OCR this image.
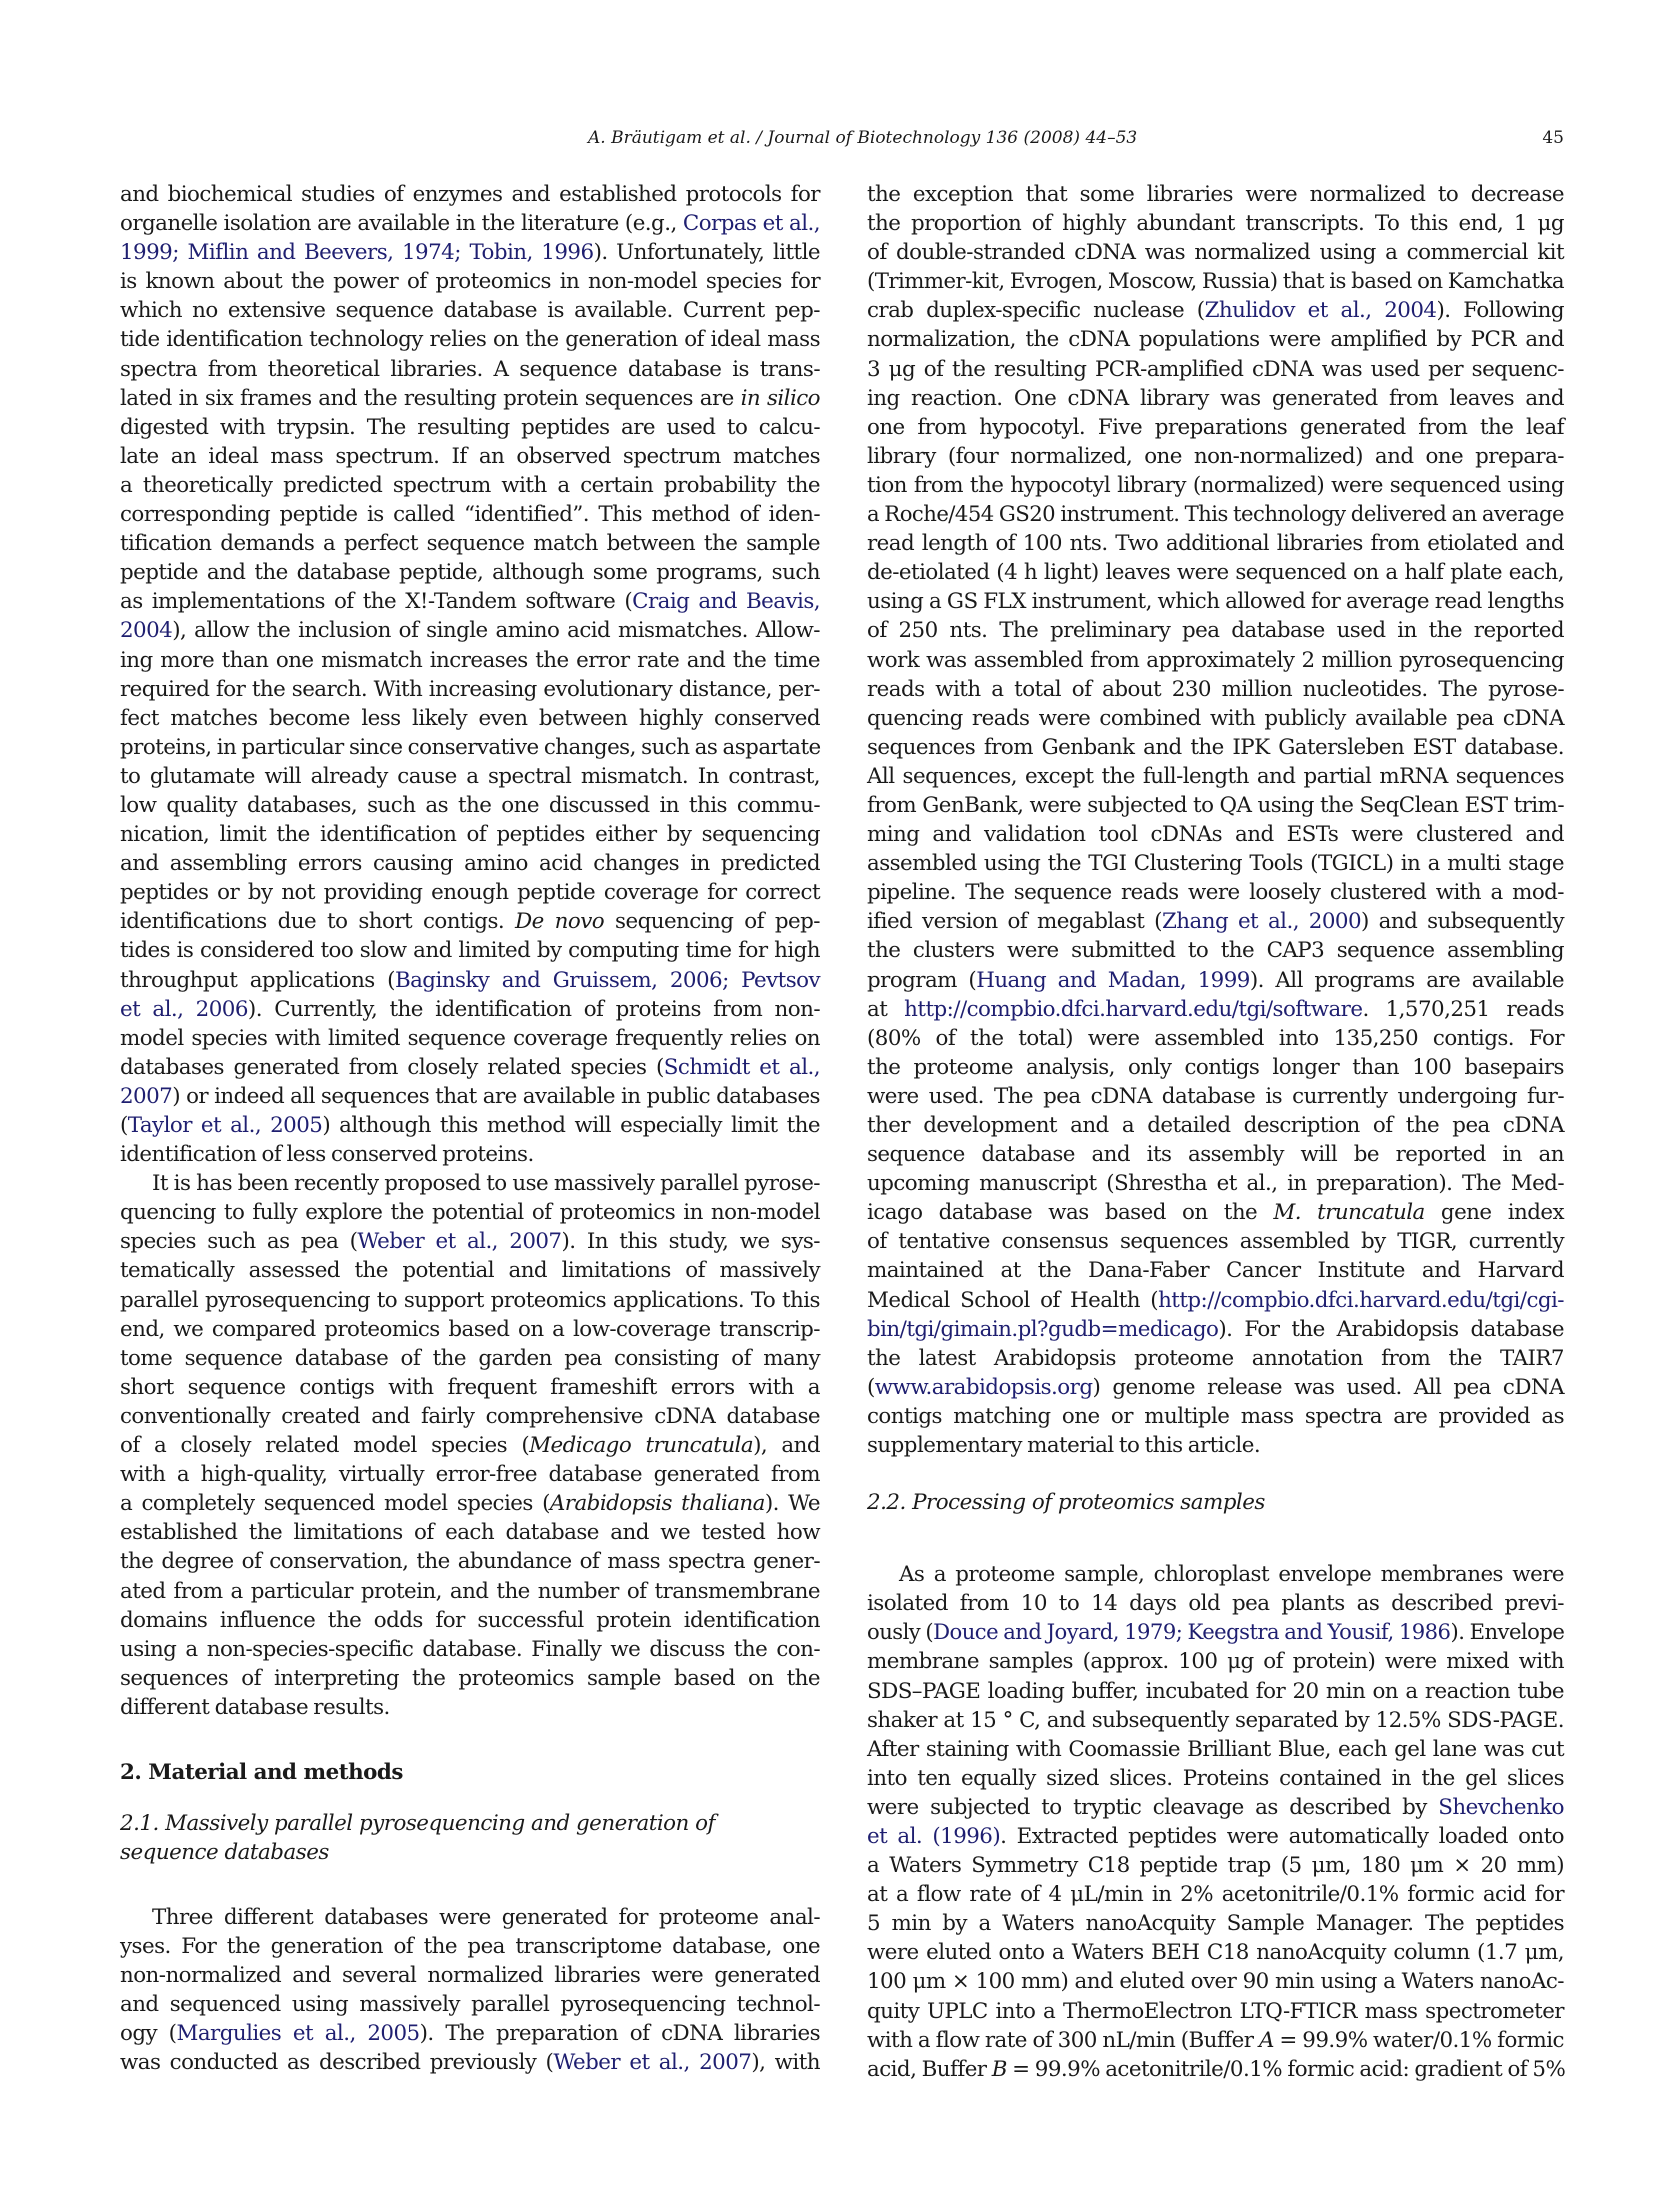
A. Bräutigam et al. / Journal of Biotechnology 136 (2008) 44–53	45
and biochemical studies of enzymes and established protocols for
organelle isolation are available in the literature (e.g., Corpas et al.,
1999; Miflin and Beevers, 1974; Tobin, 1996). Unfortunately, little
is known about the power of proteomics in non-model species for
which no extensive sequence database is available. Current pep-
tide identification technology relies on the generation of ideal mass
spectra from theoretical libraries. A sequence database is trans-
lated in six frames and the resulting protein sequences are in silico
digested with trypsin. The resulting peptides are used to calcu-
late an ideal mass spectrum. If an observed spectrum matches
a theoretically predicted spectrum with a certain probability the
corresponding peptide is called “identified”. This method of iden-
tification demands a perfect sequence match between the sample
peptide and the database peptide, although some programs, such
as implementations of the X!-Tandem software (Craig and Beavis,
2004), allow the inclusion of single amino acid mismatches. Allow-
ing more than one mismatch increases the error rate and the time
required for the search. With increasing evolutionary distance, per-
fect matches become less likely even between highly conserved
proteins, in particular since conservative changes, such as aspartate
to glutamate will already cause a spectral mismatch. In contrast,
low quality databases, such as the one discussed in this commu-
nication, limit the identification of peptides either by sequencing
and assembling errors causing amino acid changes in predicted
peptides or by not providing enough peptide coverage for correct
identifications due to short contigs. De novo sequencing of pep-
tides is considered too slow and limited by computing time for high
throughput applications (Baginsky and Gruissem, 2006; Pevtsov
et al., 2006). Currently, the identification of proteins from non-
model species with limited sequence coverage frequently relies on
databases generated from closely related species (Schmidt et al.,
2007) or indeed all sequences that are available in public databases
(Taylor et al., 2005) although this method will especially limit the
identification of less conserved proteins.
It is has been recently proposed to use massively parallel pyrose-
quencing to fully explore the potential of proteomics in non-model
species such as pea (Weber et al., 2007). In this study, we sys-
tematically assessed the potential and limitations of massively
parallel pyrosequencing to support proteomics applications. To this
end, we compared proteomics based on a low-coverage transcrip-
tome sequence database of the garden pea consisting of many
short sequence contigs with frequent frameshift errors with a
conventionally created and fairly comprehensive cDNA database
of a closely related model species (Medicago truncatula), and
with a high-quality, virtually error-free database generated from
a completely sequenced model species (Arabidopsis thaliana). We
established the limitations of each database and we tested how
the degree of conservation, the abundance of mass spectra gener-
ated from a particular protein, and the number of transmembrane
domains influence the odds for successful protein identification
using a non-species-specific database. Finally we discuss the con-
sequences of interpreting the proteomics sample based on the
different database results.
2. Material and methods
2.1. Massively parallel pyrosequencing and generation of
sequence databases
Three different databases were generated for proteome anal-
yses. For the generation of the pea transcriptome database, one
non-normalized and several normalized libraries were generated
and sequenced using massively parallel pyrosequencing technol-
ogy (Margulies et al., 2005). The preparation of cDNA libraries
was conducted as described previously (Weber et al., 2007), with
the exception that some libraries were normalized to decrease
the proportion of highly abundant transcripts. To this end, 1 μg
of double-stranded cDNA was normalized using a commercial kit
(Trimmer-kit, Evrogen, Moscow, Russia) that is based on Kamchatka
crab duplex-specific nuclease (Zhulidov et al., 2004). Following
normalization, the cDNA populations were amplified by PCR and
3 μg of the resulting PCR-amplified cDNA was used per sequenc-
ing reaction. One cDNA library was generated from leaves and
one from hypocotyl. Five preparations generated from the leaf
library (four normalized, one non-normalized) and one prepara-
tion from the hypocotyl library (normalized) were sequenced using
a Roche/454 GS20 instrument. This technology delivered an average
read length of 100 nts. Two additional libraries from etiolated and
de-etiolated (4 h light) leaves were sequenced on a half plate each,
using a GS FLX instrument, which allowed for average read lengths
of 250 nts. The preliminary pea database used in the reported
work was assembled from approximately 2 million pyrosequencing
reads with a total of about 230 million nucleotides. The pyrose-
quencing reads were combined with publicly available pea cDNA
sequences from Genbank and the IPK Gatersleben EST database.
All sequences, except the full-length and partial mRNA sequences
from GenBank, were subjected to QA using the SeqClean EST trim-
ming and validation tool cDNAs and ESTs were clustered and
assembled using the TGI Clustering Tools (TGICL) in a multi stage
pipeline. The sequence reads were loosely clustered with a mod-
ified version of megablast (Zhang et al., 2000) and subsequently
the clusters were submitted to the CAP3 sequence assembling
program (Huang and Madan, 1999). All programs are available
at http://compbio.dfci.harvard.edu/tgi/software. 1,570,251 reads
(80% of the total) were assembled into 135,250 contigs. For
the proteome analysis, only contigs longer than 100 basepairs
were used. The pea cDNA database is currently undergoing fur-
ther development and a detailed description of the pea cDNA
sequence database and its assembly will be reported in an
upcoming manuscript (Shrestha et al., in preparation). The Med-
icago database was based on the M. truncatula gene index
of tentative consensus sequences assembled by TIGR, currently
maintained at the Dana-Faber Cancer Institute and Harvard
Medical School of Health (http://compbio.dfci.harvard.edu/tgi/cgi-
bin/tgi/gimain.pl?gudb=medicago). For the Arabidopsis database
the latest Arabidopsis proteome annotation from the TAIR7
(www.arabidopsis.org) genome release was used. All pea cDNA
contigs matching one or multiple mass spectra are provided as
supplementary material to this article.
2.2. Processing of proteomics samples
As a proteome sample, chloroplast envelope membranes were
isolated from 10 to 14 days old pea plants as described previ-
ously (Douce and Joyard, 1979; Keegstra and Yousif, 1986). Envelope
membrane samples (approx. 100 μg of protein) were mixed with
SDS–PAGE loading buffer, incubated for 20 min on a reaction tube
shaker at 15 ° C, and subsequently separated by 12.5% SDS-PAGE.
After staining with Coomassie Brilliant Blue, each gel lane was cut
into ten equally sized slices. Proteins contained in the gel slices
were subjected to tryptic cleavage as described by Shevchenko
et al. (1996). Extracted peptides were automatically loaded onto
a Waters Symmetry C18 peptide trap (5 μm, 180 μm × 20 mm)
at a flow rate of 4 μL/min in 2% acetonitrile/0.1% formic acid for
5 min by a Waters nanoAcquity Sample Manager. The peptides
were eluted onto a Waters BEH C18 nanoAcquity column (1.7 μm,
100 μm × 100 mm) and eluted over 90 min using a Waters nanoAc-
quity UPLC into a ThermoElectron LTQ-FTICR mass spectrometer
with a flow rate of 300 nL/min (Buffer A = 99.9% water/0.1% formic
acid, Buffer B = 99.9% acetonitrile/0.1% formic acid: gradient of 5%
